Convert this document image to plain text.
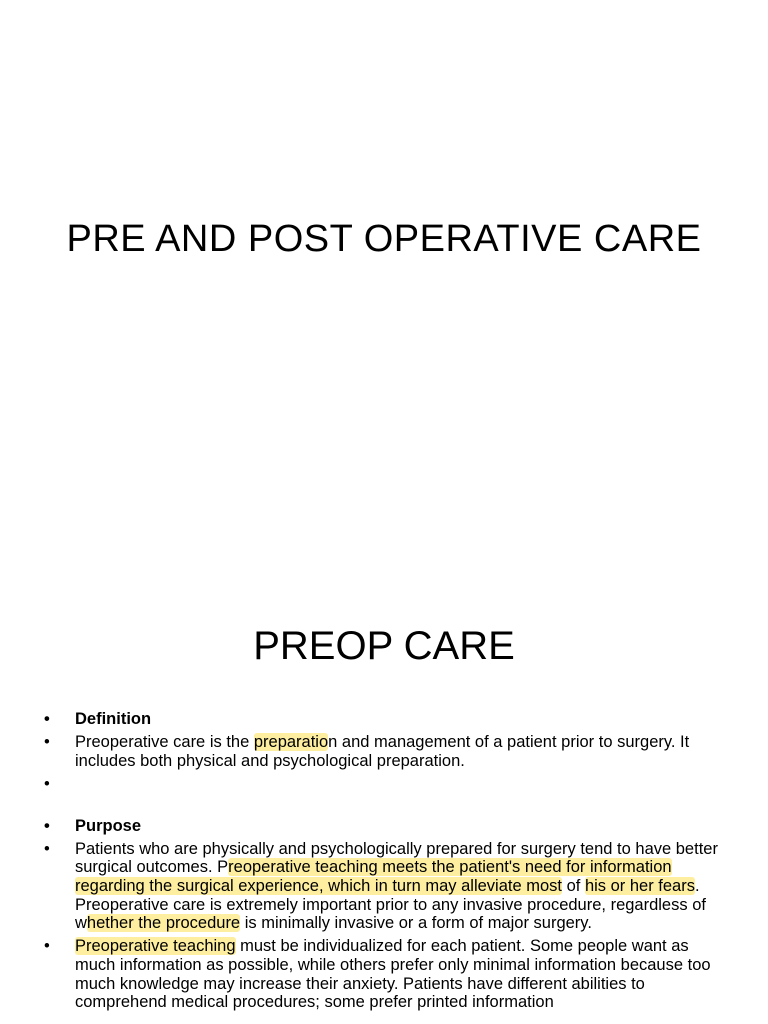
PRE AND POST OPERATIVE CARE
PREOP CARE
• Definition
• Preoperative care is the preparation and management of a patient prior to surgery. It includes both physical and psychological preparation.
•
• Purpose
• Patients who are physically and psychologically prepared for surgery tend to have better surgical outcomes. Preoperative teaching meets the patient's need for information regarding the surgical experience, which in turn may alleviate most of his or her fears. Preoperative care is extremely important prior to any invasive procedure, regardless of whether the procedure is minimally invasive or a form of major surgery.
• Preoperative teaching must be individualized for each patient. Some people want as much information as possible, while others prefer only minimal information because too much knowledge may increase their anxiety. Patients have different abilities to comprehend medical procedures; some prefer printed information
